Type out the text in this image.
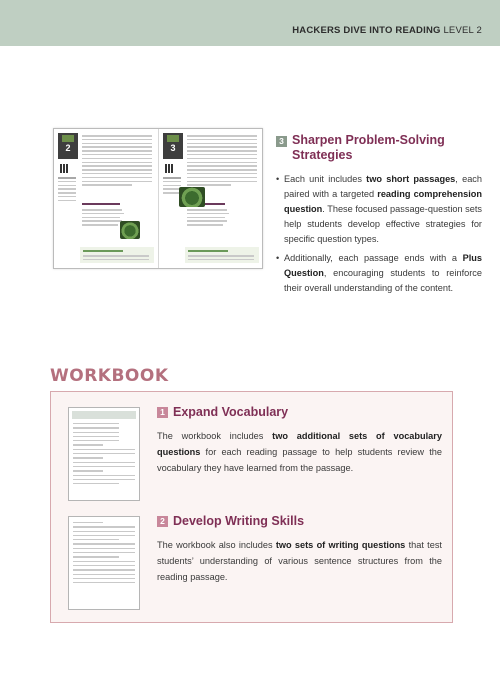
HACKERS DIVE INTO READING LEVEL 2
2	3
3 Sharpen Problem-Solving
Strategies
• Each unit includes two short passages, each paired with a targeted reading comprehension question. These focused passage-question sets help students develop effective strategies for specific question types.
• Additionally, each passage ends with a Plus Question, encouraging students to reinforce their overall understanding of the content.
WORKBOOK
1 Expand Vocabulary
The workbook includes two additional sets of vocabulary questions for each reading passage to help students review the vocabulary they have learned from the passage.
2 Develop Writing Skills
The workbook also includes two sets of writing questions that test students’ understanding of various sentence structures from the reading passage.
